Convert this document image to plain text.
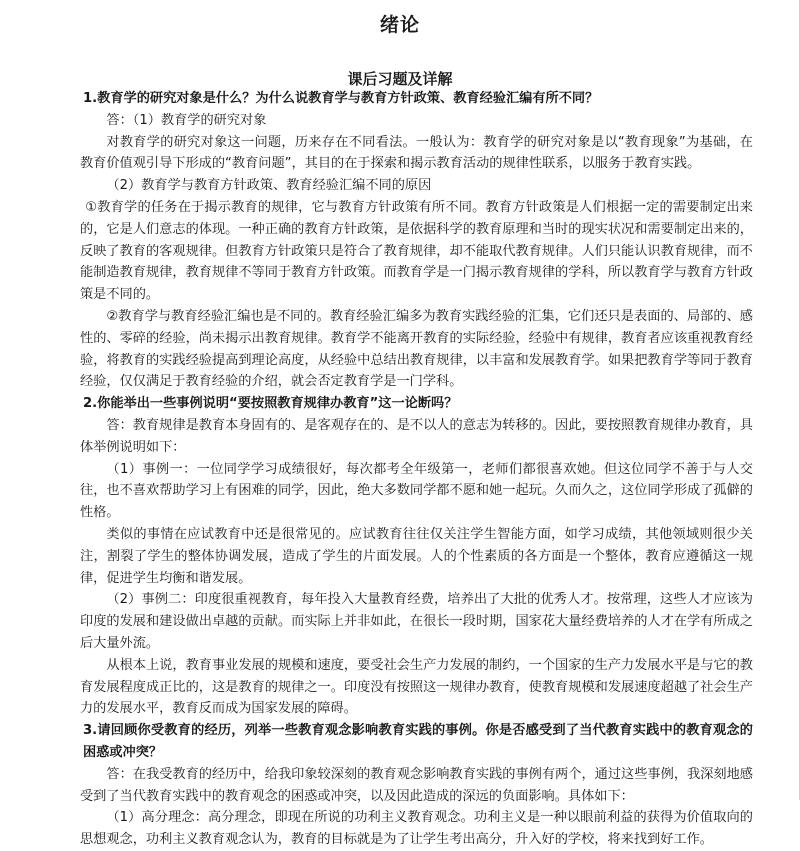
绪论
课后习题及详解

1.教育学的研究对象是什么？为什么说教育学与教育方针政策、教育经验汇编有所不同？

答：（1）教育学的研究对象

对教育学的研究对象这一问题，历来存在不同看法。一般认为：教育学的研究对象是以“教育现象”为基础，在教育价值观引导下形成的“教育问题”，其目的在于探索和揭示教育活动的规律性联系，以服务于教育实践。

（2）教育学与教育方针政策、教育经验汇编不同的原因

①教育学的任务在于揭示教育的规律，它与教育方针政策有所不同。教育方针政策是人们根据一定的需要制定出来的，它是人们意志的体现。一种正确的教育方针政策，是依据科学的教育原理和当时的现实状况和需要制定出来的，反映了教育的客观规律。但教育方针政策只是符合了教育规律，却不能取代教育规律。人们只能认识教育规律，而不能制造教育规律，教育规律不等同于教育方针政策。而教育学是一门揭示教育规律的学科，所以教育学与教育方针政策是不同的。

②教育学与教育经验汇编也是不同的。教育经验汇编多为教育实践经验的汇集，它们还只是表面的、局部的、感性的、零碎的经验，尚未揭示出教育规律。教育学不能离开教育的实际经验，经验中有规律，教育者应该重视教育经验，将教育的实践经验提高到理论高度，从经验中总结出教育规律，以丰富和发展教育学。如果把教育学等同于教育经验，仅仅满足于教育经验的介绍，就会否定教育学是一门学科。

2.你能举出一些事例说明“要按照教育规律办教育”这一论断吗？

答：教育规律是教育本身固有的、是客观存在的、是不以人的意志为转移的。因此，要按照教育规律办教育，具体举例说明如下：

（1）事例一：一位同学学习成绩很好，每次都考全年级第一，老师们都很喜欢她。但这位同学不善于与人交往，也不喜欢帮助学习上有困难的同学，因此，绝大多数同学都不愿和她一起玩。久而久之，这位同学形成了孤僻的性格。

类似的事情在应试教育中还是很常见的。应试教育往往仅关注学生智能方面，如学习成绩，其他领域则很少关注，割裂了学生的整体协调发展，造成了学生的片面发展。人的个性素质的各方面是一个整体，教育应遵循这一规律，促进学生均衡和谐发展。

（2）事例二：印度很重视教育，每年投入大量教育经费，培养出了大批的优秀人才。按常理，这些人才应该为印度的发展和建设做出卓越的贡献。而实际上并非如此，在很长一段时期，国家花大量经费培养的人才在学有所成之后大量外流。

从根本上说，教育事业发展的规模和速度，要受社会生产力发展的制约，一个国家的生产力发展水平是与它的教育发展程度成正比的，这是教育的规律之一。印度没有按照这一规律办教育，使教育规模和发展速度超越了社会生产力的发展水平，教育反而成为国家发展的障碍。

3.请回顾你受教育的经历，列举一些教育观念影响教育实践的事例。你是否感受到了当代教育实践中的教育观念的困惑或冲突？

答：在我受教育的经历中，给我印象较深刻的教育观念影响教育实践的事例有两个，通过这些事例，我深刻地感受到了当代教育实践中的教育观念的困惑或冲突，以及因此造成的深远的负面影响。具体如下：

（1）高分理念：高分理念，即现在所说的功利主义教育观念。功利主义是一种以眼前利益的获得为价值取向的思想观念，功利主义教育观念认为，教育的目标就是为了让学生考出高分，升入好的学校，将来找到好工作。
